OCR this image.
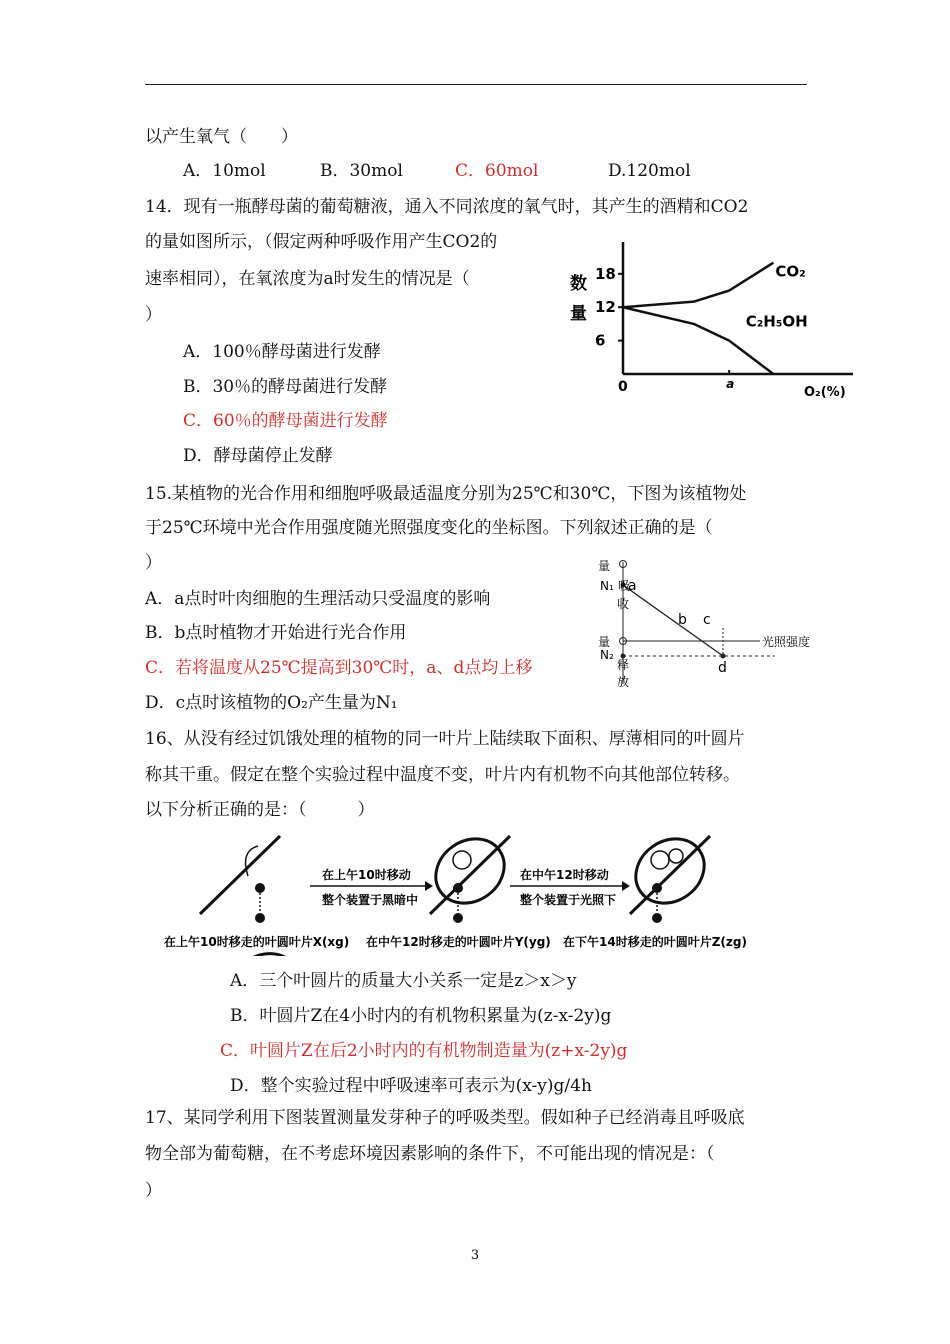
以产生氧气（　　）
A．10mol	B．30mol	C．60mol	D.120mol
14．现有一瓶酵母菌的葡萄糖液，通入不同浓度的氧气时，其产生的酒精和CO2
的量如图所示，（假定两种呼吸作用产生CO2的
速率相同），在氧浓度为a时发生的情况是（
）
A．100％酵母菌进行发酵
B．30％的酵母菌进行发酵
C．60％的酵母菌进行发酵
D．酵母菌停止发酵
数
量
O₂(%)
18
12
6
0	a
CO₂
C₂H₅OH
15.某植物的光合作用和细胞呼吸最适温度分别为25℃和30℃，下图为该植物处
于25℃环境中光合作用强度随光照强度变化的坐标图。下列叙述正确的是（
）
A．a点时叶肉细胞的生理活动只受温度的影响
B．b点时植物才开始进行光合作用
C．若将温度从25℃提高到30℃时，a、d点均上移
D．c点时该植物的O₂产生量为N₁
量
N₁ 吸
收
a
b c
量
N₂
释
放
d
光照强度
16、从没有经过饥饿处理的植物的同一叶片上陆续取下面积、厚薄相同的叶圆片
称其干重。假定在整个实验过程中温度不变，叶片内有机物不向其他部位转移。
以下分析正确的是：（　　　）
在上午10时移动
整个装置于黑暗中
在中午12时移动
整个装置于光照下
在上午10时移走的叶圆叶片X(xg) 在中午12时移走的叶圆叶片Y(yg) 在下午14时移走的叶圆叶片Z(zg)
A．三个叶圆片的质量大小关系一定是z＞x＞y
B．叶圆片Z在4小时内的有机物积累量为(z-x-2y)g
C．叶圆片Z在后2小时内的有机物制造量为(z+x-2y)g
D．整个实验过程中呼吸速率可表示为(x-y)g/4h
17、某同学利用下图装置测量发芽种子的呼吸类型。假如种子已经消毒且呼吸底
物全部为葡萄糖，在不考虑环境因素影响的条件下，不可能出现的情况是：（
）
3
